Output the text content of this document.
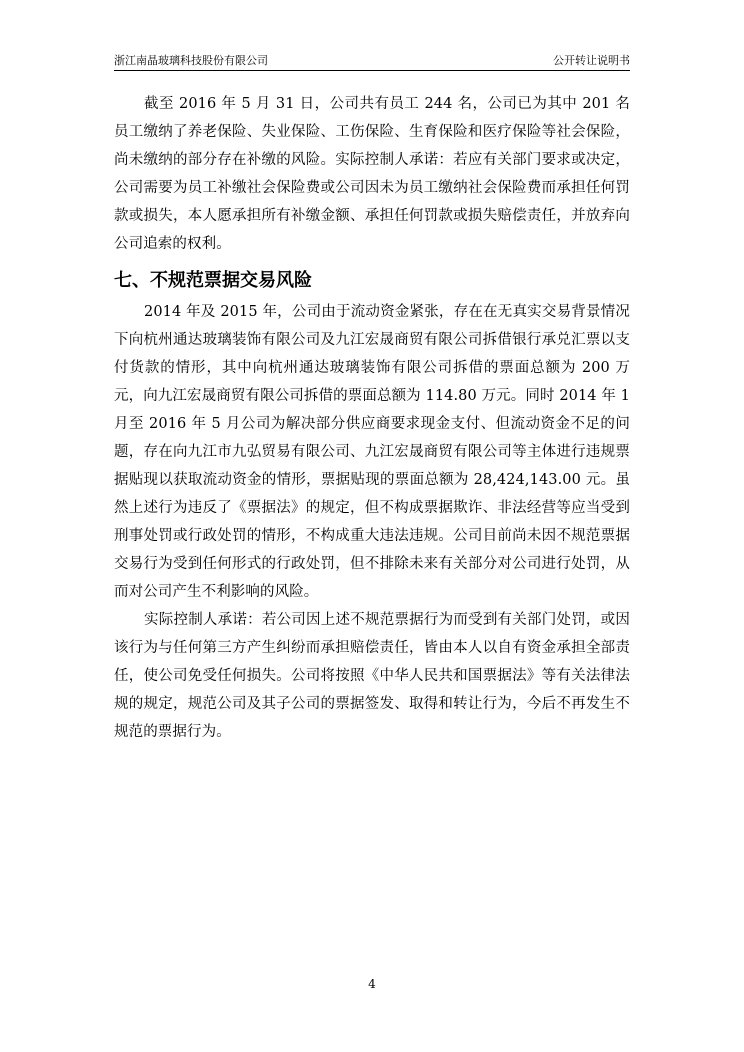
浙江南晶玻璃科技股份有限公司	公开转让说明书

截至 2016 年 5 月 31 日，公司共有员工 244 名，公司已为其中 201 名员工缴纳了养老保险、失业保险、工伤保险、生育保险和医疗保险等社会保险，尚未缴纳的部分存在补缴的风险。实际控制人承诺：若应有关部门要求或决定，公司需要为员工补缴社会保险费或公司因未为员工缴纳社会保险费而承担任何罚款或损失，本人愿承担所有补缴金额、承担任何罚款或损失赔偿责任，并放弃向公司追索的权利。

七、不规范票据交易风险

2014 年及 2015 年，公司由于流动资金紧张，存在在无真实交易背景情况下向杭州通达玻璃装饰有限公司及九江宏晟商贸有限公司拆借银行承兑汇票以支付货款的情形，其中向杭州通达玻璃装饰有限公司拆借的票面总额为 200 万元，向九江宏晟商贸有限公司拆借的票面总额为 114.80 万元。同时 2014 年 1 月至 2016 年 5 月公司为解决部分供应商要求现金支付、但流动资金不足的问题，存在向九江市九弘贸易有限公司、九江宏晟商贸有限公司等主体进行违规票据贴现以获取流动资金的情形，票据贴现的票面总额为 28,424,143.00 元。虽然上述行为违反了《票据法》的规定，但不构成票据欺诈、非法经营等应当受到刑事处罚或行政处罚的情形，不构成重大违法违规。公司目前尚未因不规范票据交易行为受到任何形式的行政处罚，但不排除未来有关部分对公司进行处罚，从而对公司产生不利影响的风险。

实际控制人承诺：若公司因上述不规范票据行为而受到有关部门处罚，或因该行为与任何第三方产生纠纷而承担赔偿责任，皆由本人以自有资金承担全部责任，使公司免受任何损失。公司将按照《中华人民共和国票据法》等有关法律法规的规定，规范公司及其子公司的票据签发、取得和转让行为，今后不再发生不规范的票据行为。

4
